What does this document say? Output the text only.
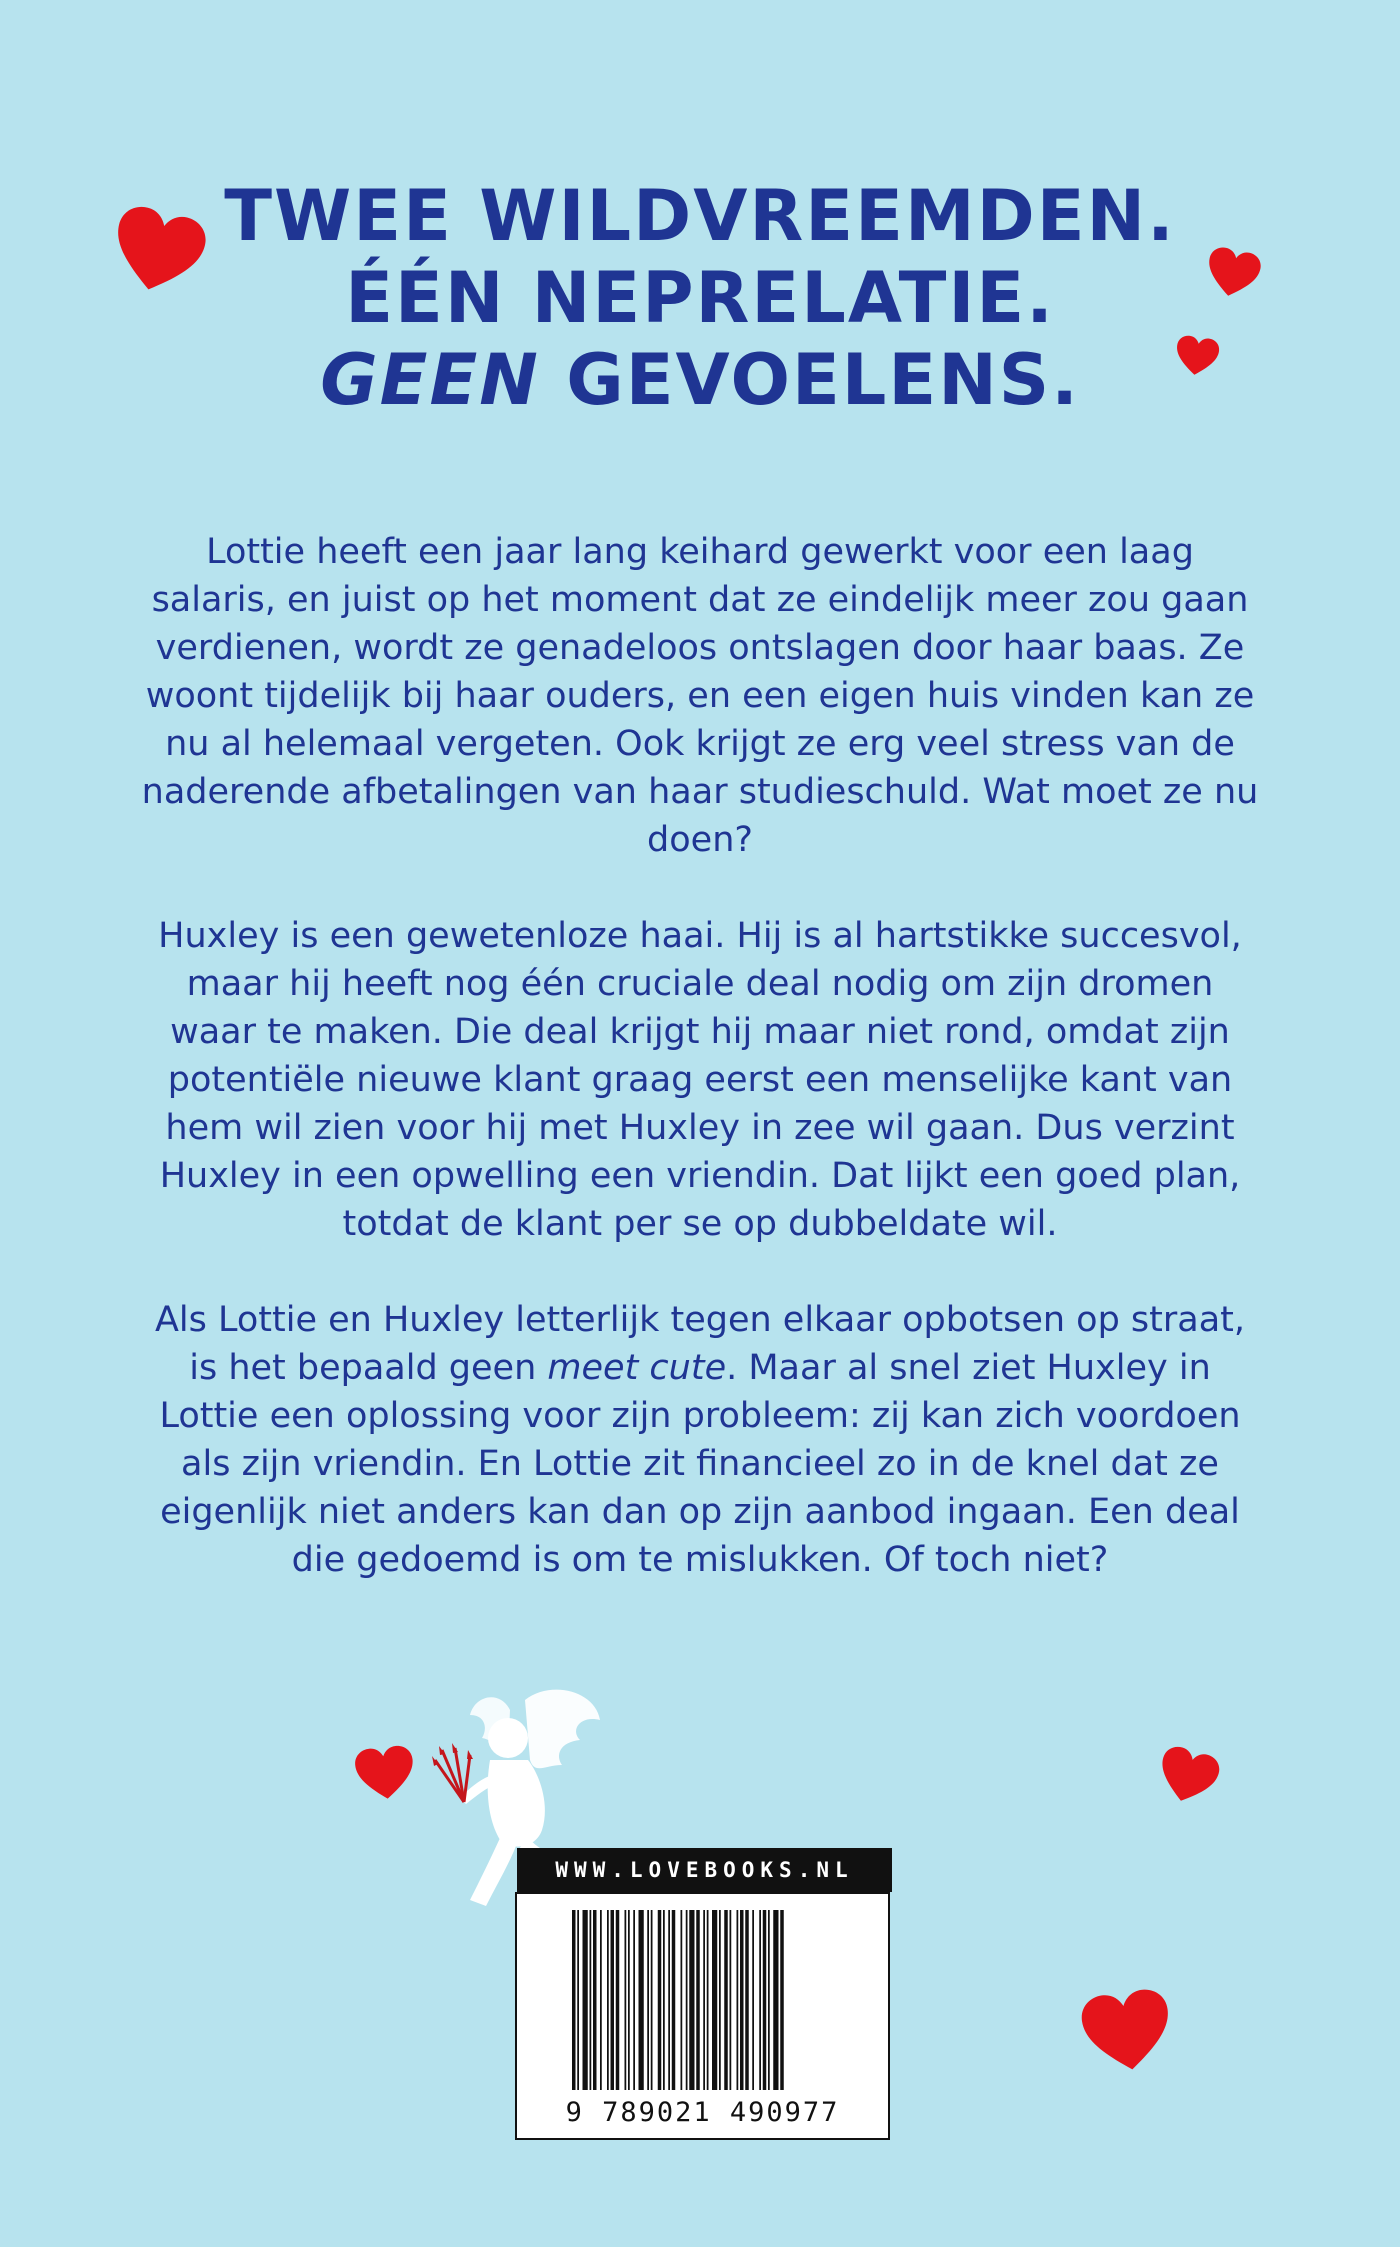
TWEE WILDVREEMDEN.
ÉÉN NEPRELATIE.
GEEN GEVOELENS.

Lottie heeft een jaar lang keihard gewerkt voor een laag salaris, en juist op het moment dat ze eindelijk meer zou gaan verdienen, wordt ze genadeloos ontslagen door haar baas. Ze woont tijdelijk bij haar ouders, en een eigen huis vinden kan ze nu al helemaal vergeten. Ook krijgt ze erg veel stress van de naderende afbetalingen van haar studieschuld. Wat moet ze nu doen?

Huxley is een gewetenloze haai. Hij is al hartstikke succesvol, maar hij heeft nog één cruciale deal nodig om zijn dromen waar te maken. Die deal krijgt hij maar niet rond, omdat zijn potentiële nieuwe klant graag eerst een menselijke kant van hem wil zien voor hij met Huxley in zee wil gaan. Dus verzint Huxley in een opwelling een vriendin. Dat lijkt een goed plan, totdat de klant per se op dubbeldate wil.

Als Lottie en Huxley letterlijk tegen elkaar opbotsen op straat, is het bepaald geen meet cute. Maar al snel ziet Huxley in Lottie een oplossing voor zijn probleem: zij kan zich voordoen als zijn vriendin. En Lottie zit financieel zo in de knel dat ze eigenlijk niet anders kan dan op zijn aanbod ingaan. Een deal die gedoemd is om te mislukken. Of toch niet?

WWW.LOVEBOOKS.NL
9 789021 490977
